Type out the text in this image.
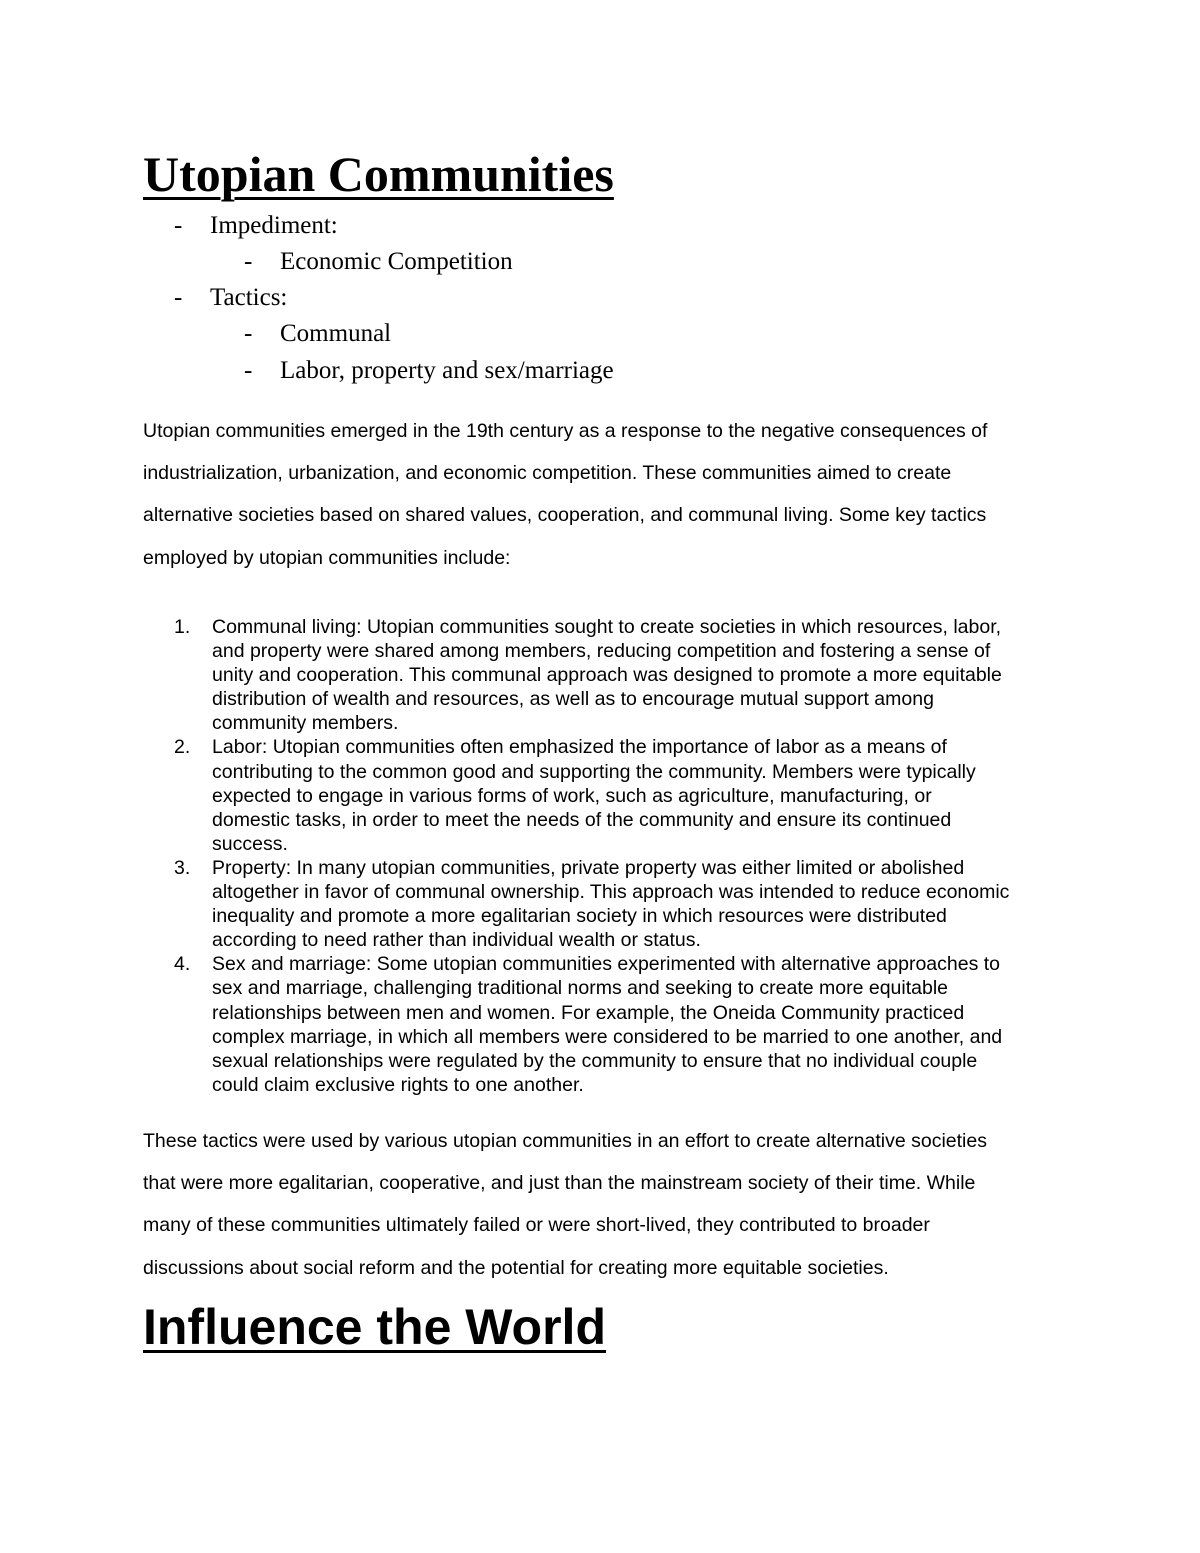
Utopian Communities
-	Impediment:
-	Economic Competition
-	Tactics:
-	Communal
-	Labor, property and sex/marriage

Utopian communities emerged in the 19th century as a response to the negative consequences of
industrialization, urbanization, and economic competition. These communities aimed to create
alternative societies based on shared values, cooperation, and communal living. Some key tactics
employed by utopian communities include:

1. Communal living: Utopian communities sought to create societies in which resources, labor,
and property were shared among members, reducing competition and fostering a sense of
unity and cooperation. This communal approach was designed to promote a more equitable
distribution of wealth and resources, as well as to encourage mutual support among
community members.
2. Labor: Utopian communities often emphasized the importance of labor as a means of
contributing to the common good and supporting the community. Members were typically
expected to engage in various forms of work, such as agriculture, manufacturing, or
domestic tasks, in order to meet the needs of the community and ensure its continued
success.
3. Property: In many utopian communities, private property was either limited or abolished
altogether in favor of communal ownership. This approach was intended to reduce economic
inequality and promote a more egalitarian society in which resources were distributed
according to need rather than individual wealth or status.
4. Sex and marriage: Some utopian communities experimented with alternative approaches to
sex and marriage, challenging traditional norms and seeking to create more equitable
relationships between men and women. For example, the Oneida Community practiced
complex marriage, in which all members were considered to be married to one another, and
sexual relationships were regulated by the community to ensure that no individual couple
could claim exclusive rights to one another.

These tactics were used by various utopian communities in an effort to create alternative societies
that were more egalitarian, cooperative, and just than the mainstream society of their time. While
many of these communities ultimately failed or were short-lived, they contributed to broader
discussions about social reform and the potential for creating more equitable societies.

Influence the World
